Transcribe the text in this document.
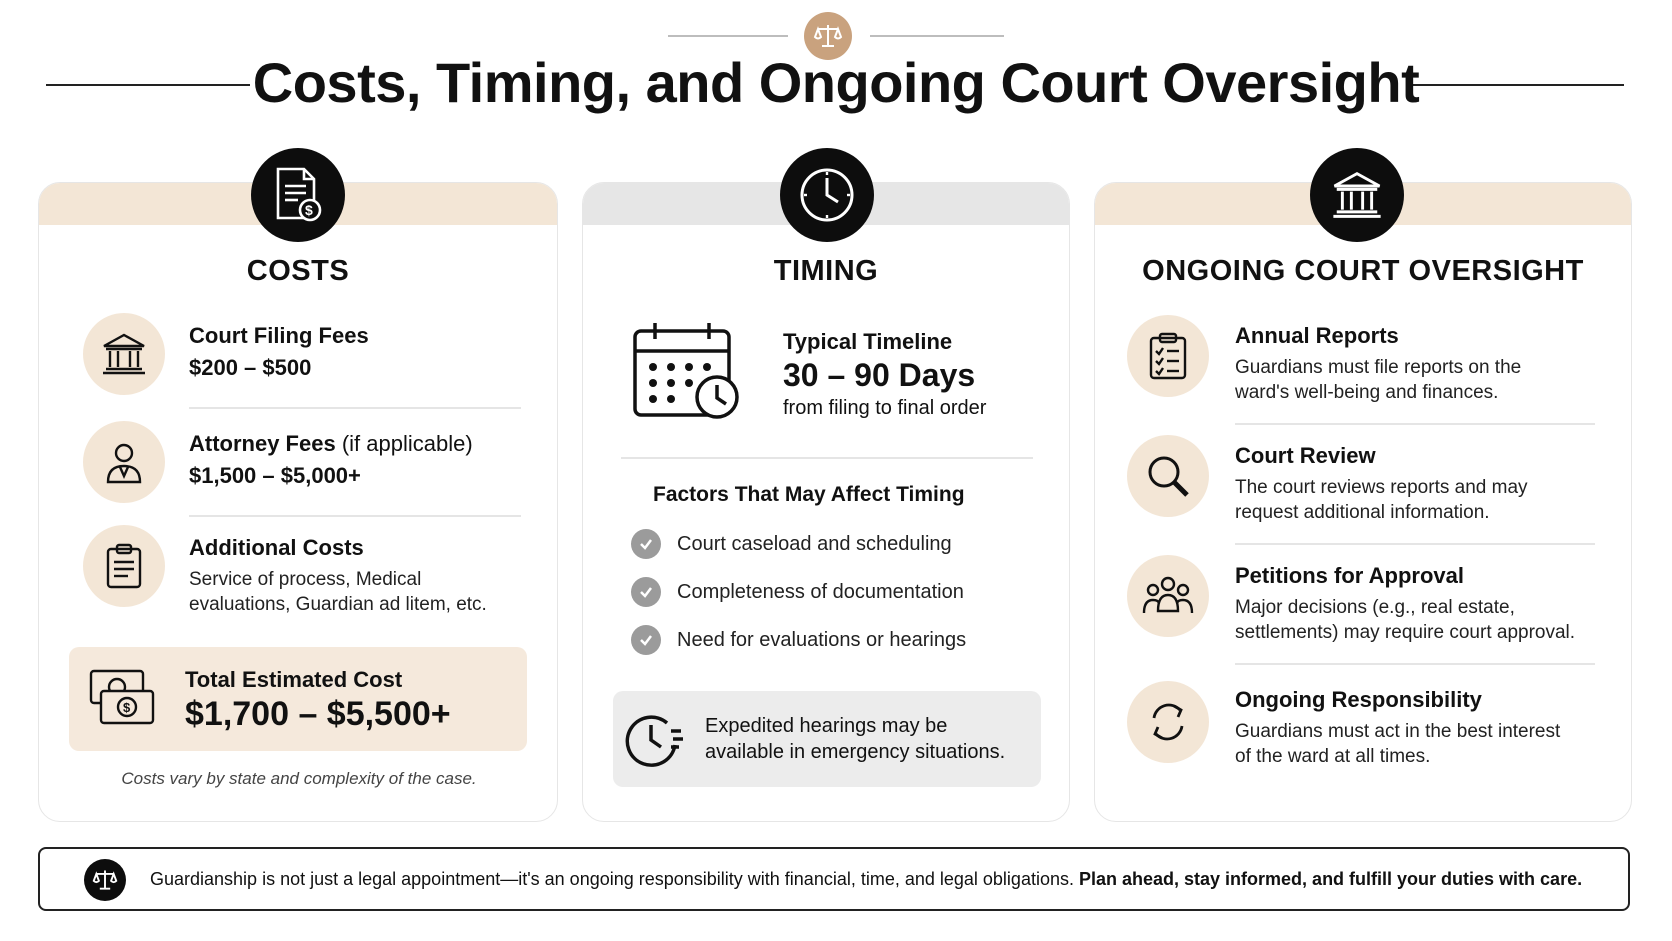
Costs, Timing, and Ongoing Court Oversight
COSTS
Court Filing Fees
$200 – $500
Attorney Fees (if applicable)
$1,500 – $5,000+
Additional Costs
Service of process, Medical
evaluations, Guardian ad litem, etc.
$
Total Estimated Cost
$1,700 – $5,500+
Costs vary by state and complexity of the case.
$
TIMING
Typical Timeline
30 – 90 Days
from filing to final order
Factors That May Affect Timing
Court caseload and scheduling
Completeness of documentation
Need for evaluations or hearings
Expedited hearings may be
available in emergency situations.
ONGOING COURT OVERSIGHT
Annual Reports
Guardians must file reports on the
ward's well-being and finances.
Court Review
The court reviews reports and may
request additional information.
Petitions for Approval
Major decisions (e.g., real estate,
settlements) may require court approval.
Ongoing Responsibility
Guardians must act in the best interest
of the ward at all times.
Guardianship is not just a legal appointment—it's an ongoing responsibility with financial, time, and legal obligations. Plan ahead, stay informed, and fulfill your duties with care.
